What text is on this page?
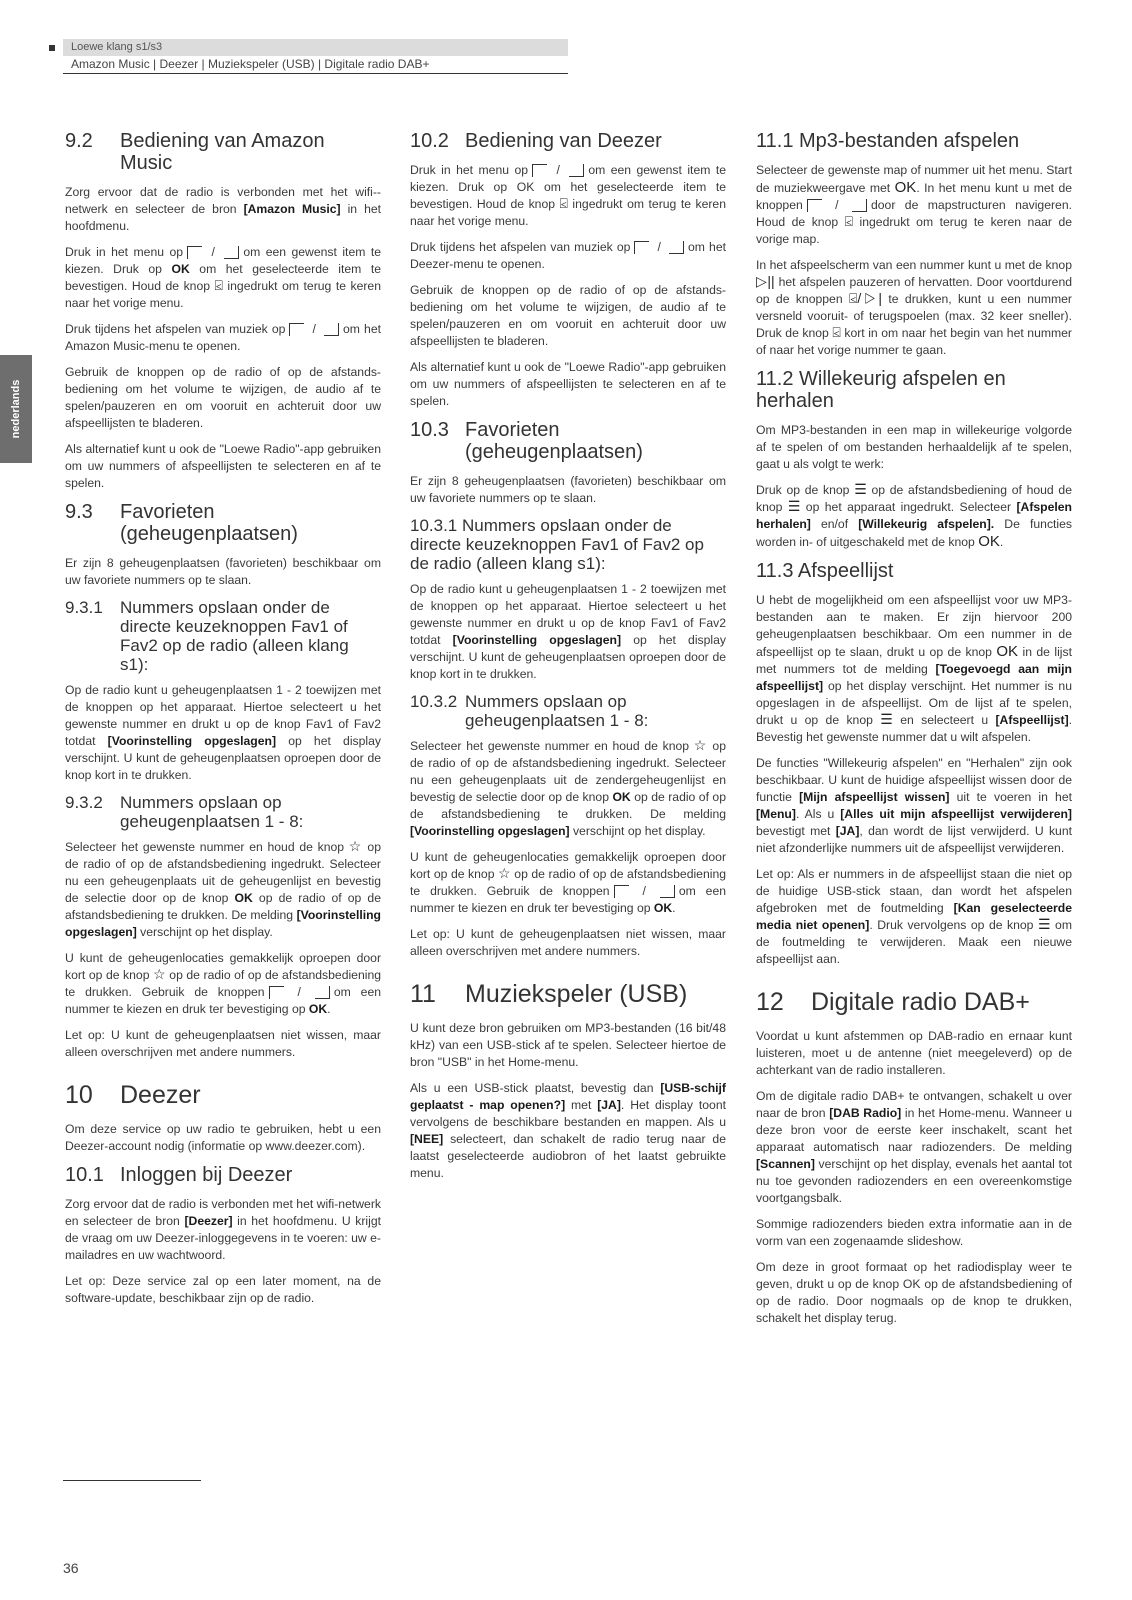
Loewe klang s1/s3
Amazon Music | Deezer | Muziekspeler (USB) | Digitale radio DAB+
nederlands
9.2	Bediening van Amazon Music

Zorg ervoor dat de radio is verbonden met het wifi--netwerk en selecteer de bron [Amazon Music] in het hoofdmenu.

Druk in het menu op / om een gewenst item te kiezen. Druk op OK om het geselecteerde item te bevestigen. Houd de knop ⍃ ingedrukt om terug te keren naar het vorige menu.

Druk tijdens het afspelen van muziek op / om het Amazon Music-menu te openen.

Gebruik de knoppen op de radio of op de afstands-bediening om het volume te wijzigen, de audio af te spelen/pauzeren en om vooruit en achteruit door uw afspeellijsten te bladeren.

Als alternatief kunt u ook de "Loewe Radio"-app gebruiken om uw nummers of afspeellijsten te selecteren en af te spelen.

9.3	Favorieten (geheugenplaatsen)

Er zijn 8 geheugenplaatsen (favorieten) beschikbaar om uw favoriete nummers op te slaan.

9.3.1	Nummers opslaan onder de directe keuzeknoppen Fav1 of Fav2 op de radio (alleen klang s1):

Op de radio kunt u geheugenplaatsen 1 - 2 toewijzen met de knoppen op het apparaat. Hiertoe selecteert u het gewenste nummer en drukt u op de knop Fav1 of Fav2 totdat [Voorinstelling opgeslagen] op het display verschijnt. U kunt de geheugenplaatsen oproepen door de knop kort in te drukken.

9.3.2	Nummers opslaan op geheugenplaatsen 1 - 8:

Selecteer het gewenste nummer en houd de knop ☆ op de radio of op de afstandsbediening ingedrukt. Selecteer nu een geheugenplaats uit de geheugenlijst en bevestig de selectie door op de knop OK op de radio of op de afstandsbediening te drukken. De melding [Voorinstelling opgeslagen] verschijnt op het display.

U kunt de geheugenlocaties gemakkelijk oproepen door kort op de knop ☆ op de radio of op de afstandsbediening te drukken. Gebruik de knoppen / om een nummer te kiezen en druk ter bevestiging op OK.

Let op: U kunt de geheugenplaatsen niet wissen, maar alleen overschrijven met andere nummers.

10	Deezer

Om deze service op uw radio te gebruiken, hebt u een Deezer-account nodig (informatie op www.deezer.com).

10.1 Inloggen bij Deezer

Zorg ervoor dat de radio is verbonden met het wifi-netwerk en selecteer de bron [Deezer] in het hoofdmenu. U krijgt de vraag om uw Deezer-inloggegevens in te voeren: uw e-mailadres en uw wachtwoord.

Let op: Deze service zal op een later moment, na de software-update, beschikbaar zijn op de radio.

10.2 Bediening van Deezer

Druk in het menu op / om een gewenst item te kiezen. Druk op OK om het geselecteerde item te bevestigen. Houd de knop ⍃ ingedrukt om terug te keren naar het vorige menu.

Druk tijdens het afspelen van muziek op / om het Deezer-menu te openen.

Gebruik de knoppen op de radio of op de afstands-bediening om het volume te wijzigen, de audio af te spelen/pauzeren en om vooruit en achteruit door uw afspeellijsten te bladeren.

Als alternatief kunt u ook de "Loewe Radio"-app gebruiken om uw nummers of afspeellijsten te selecteren en af te spelen.

10.3 Favorieten (geheugenplaatsen)

Er zijn 8 geheugenplaatsen (favorieten) beschikbaar om uw favoriete nummers op te slaan.

10.3.1 Nummers opslaan onder de directe keuzeknoppen Fav1 of Fav2 op de radio (alleen klang s1):

Op de radio kunt u geheugenplaatsen 1 - 2 toewijzen met de knoppen op het apparaat. Hiertoe selecteert u het gewenste nummer en drukt u op de knop Fav1 of Fav2 totdat [Voorinstelling opgeslagen] op het display verschijnt. U kunt de geheugenplaatsen oproepen door de knop kort in te drukken.

10.3.2 Nummers opslaan op geheugenplaatsen 1 - 8:

Selecteer het gewenste nummer en houd de knop ☆ op de radio of op de afstandsbediening ingedrukt. Selecteer nu een geheugenplaats uit de zendergeheugenlijst en bevestig de selectie door op de knop OK op de radio of op de afstandsbediening te drukken. De melding [Voorinstelling opgeslagen] verschijnt op het display.

U kunt de geheugenlocaties gemakkelijk oproepen door kort op de knop ☆ op de radio of op de afstandsbediening te drukken. Gebruik de knoppen / om een nummer te kiezen en druk ter bevestiging op OK.

Let op: U kunt de geheugenplaatsen niet wissen, maar alleen overschrijven met andere nummers.

11	Muziekspeler (USB)

U kunt deze bron gebruiken om MP3-bestanden (16 bit/48 kHz) van een USB-stick af te spelen. Selecteer hiertoe de bron "USB" in het Home-menu.

Als u een USB-stick plaatst, bevestig dan [USB-schijf geplaatst - map openen?] met [JA]. Het display toont vervolgens de beschikbare bestanden en mappen. Als u [NEE] selecteert, dan schakelt de radio terug naar de laatst geselecteerde audiobron of het laatst gebruikte menu.

11.1 Mp3-bestanden afspelen

Selecteer de gewenste map of nummer uit het menu. Start de muziekweergave met OK. In het menu kunt u met de knoppen / door de mapstructuren navigeren. Houd de knop ⍃ ingedrukt om terug te keren naar de vorige map.

In het afspeelscherm van een nummer kunt u met de knop ▷|| het afspelen pauzeren of hervatten. Door voortdurend op de knoppen ⍃/▷| te drukken, kunt u een nummer versneld vooruit- of terugspoelen (max. 32 keer sneller). Druk de knop ⍃ kort in om naar het begin van het nummer of naar het vorige nummer te gaan.

11.2 Willekeurig afspelen en herhalen

Om MP3-bestanden in een map in willekeurige volgorde af te spelen of om bestanden herhaaldelijk af te spelen, gaat u als volgt te werk:

Druk op de knop ☰ op de afstandsbediening of houd de knop ☰ op het apparaat ingedrukt. Selecteer [Afspelen herhalen] en/of [Willekeurig afspelen]. De functies worden in- of uitgeschakeld met de knop OK.

11.3 Afspeellijst

U hebt de mogelijkheid om een afspeellijst voor uw MP3-bestanden aan te maken. Er zijn hiervoor 200 geheugenplaatsen beschikbaar. Om een nummer in de afspeellijst op te slaan, drukt u op de knop OK in de lijst met nummers tot de melding [Toegevoegd aan mijn afspeellijst] op het display verschijnt. Het nummer is nu opgeslagen in de afspeellijst. Om de lijst af te spelen, drukt u op de knop ☰ en selecteert u [Afspeellijst]. Bevestig het gewenste nummer dat u wilt afspelen.

De functies "Willekeurig afspelen" en "Herhalen" zijn ook beschikbaar. U kunt de huidige afspeellijst wissen door de functie [Mijn afspeellijst wissen] uit te voeren in het [Menu]. Als u [Alles uit mijn afspeellijst verwijderen] bevestigt met [JA], dan wordt de lijst verwijderd. U kunt niet afzonderlijke nummers uit de afspeellijst verwijderen.

Let op: Als er nummers in de afspeellijst staan die niet op de huidige USB-stick staan, dan wordt het afspelen afgebroken met de foutmelding [Kan geselecteerde media niet openen]. Druk vervolgens op de knop ☰ om de foutmelding te verwijderen. Maak een nieuwe afspeellijst aan.

12	Digitale radio DAB+

Voordat u kunt afstemmen op DAB-radio en ernaar kunt luisteren, moet u de antenne (niet meegeleverd) op de achterkant van de radio installeren.

Om de digitale radio DAB+ te ontvangen, schakelt u over naar de bron [DAB Radio] in het Home-menu. Wanneer u deze bron voor de eerste keer inschakelt, scant het apparaat automatisch naar radiozenders. De melding [Scannen] verschijnt op het display, evenals het aantal tot nu toe gevonden radiozenders en een overeenkomstige voortgangsbalk.

Sommige radiozenders bieden extra informatie aan in de vorm van een zogenaamde slideshow.

Om deze in groot formaat op het radiodisplay weer te geven, drukt u op de knop OK op de afstandsbediening of op de radio. Door nogmaals op de knop te drukken, schakelt het display terug.

36
